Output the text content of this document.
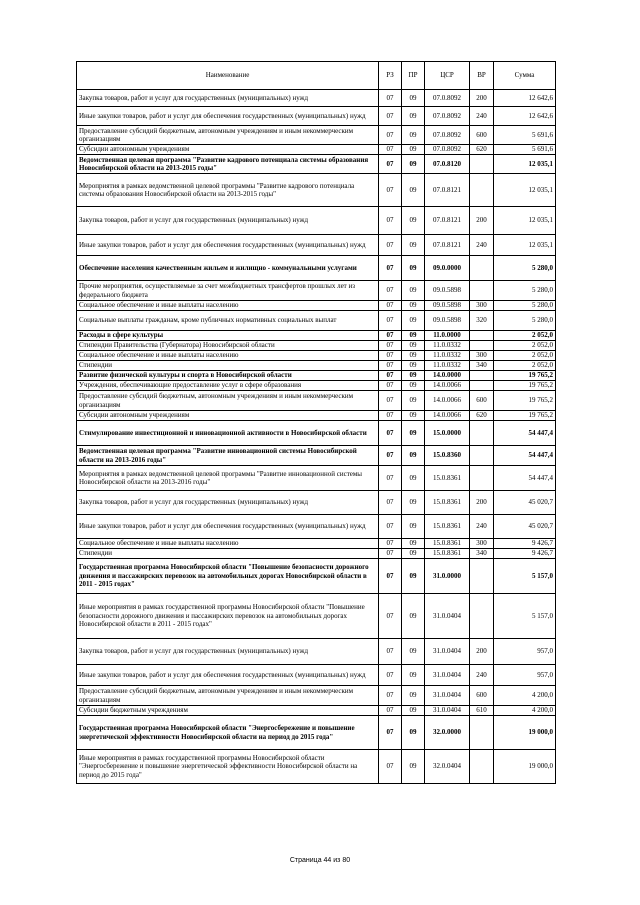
Наименование	РЗ	ПР	ЦСР	ВР	Сумма
Закупка товаров, работ и услуг для государственных (муниципальных) нужд	07	09	07.0.8092	200	12 642,6
Иные закупки товаров, работ и услуг для обеспечения государственных (муниципальных) нужд	07	09	07.0.8092	240	12 642,6
Предоставление субсидий бюджетным, автономным учреждениям и иным некоммерческим организациям	07	09	07.0.8092	600	5 691,6
Субсидии автономным учреждениям	07	09	07.0.8092	620	5 691,6
Ведомственная целевая программа "Развитие кадрового потенциала системы образования Новосибирской области на 2013-2015 годы"	07	09	07.0.8120		12 035,1
Мероприятия в рамках ведомственной целевой программы "Развитие кадрового потенциала системы образования Новосибирской области на 2013-2015 годы"	07	09	07.0.8121		12 035,1
Закупка товаров, работ и услуг для государственных (муниципальных) нужд	07	09	07.0.8121	200	12 035,1
Иные закупки товаров, работ и услуг для обеспечения государственных (муниципальных) нужд	07	09	07.0.8121	240	12 035,1
Обеспечение населения качественным жильем и жилищно - коммунальными услугами	07	09	09.0.0000		5 280,0
Прочие мероприятия, осуществляемые за счет межбюджетных трансфертов прошлых лет из федерального бюджета	07	09	09.0.5898		5 280,0
Социальное обеспечение и иные выплаты населению	07	09	09.0.5898	300	5 280,0
Социальные выплаты гражданам, кроме публичных нормативных социальных выплат	07	09	09.0.5898	320	5 280,0
Расходы в сфере культуры	07	09	11.0.0000		2 052,0
Стипендии Правительства (Губернатора) Новосибирской области	07	09	11.0.0332		2 052,0
Социальное обеспечение и иные выплаты населению	07	09	11.0.0332	300	2 052,0
Стипендии	07	09	11.0.0332	340	2 052,0
Развитие физической культуры и спорта в Новосибирской области	07	09	14.0.0000		19 765,2
Учреждения, обеспечивающие предоставление услуг в сфере образования	07	09	14.0.0066		19 765,2
Предоставление субсидий бюджетным, автономным учреждениям и иным некоммерческим организациям	07	09	14.0.0066	600	19 765,2
Субсидии автономным учреждениям	07	09	14.0.0066	620	19 765,2
Стимулирование инвестиционной и инновационной активности в Новосибирской области	07	09	15.0.0000		54 447,4
Ведомственная целевая программа "Развитие инновационной системы Новосибирской области на 2013-2016 годы"	07	09	15.0.8360		54 447,4
Мероприятия в рамках ведомственной целевой программы "Развитие инновационной системы Новосибирской области на 2013-2016 годы"	07	09	15.0.8361		54 447,4
Закупка товаров, работ и услуг для государственных (муниципальных) нужд	07	09	15.0.8361	200	45 020,7
Иные закупки товаров, работ и услуг для обеспечения государственных (муниципальных) нужд	07	09	15.0.8361	240	45 020,7
Социальное обеспечение и иные выплаты населению	07	09	15.0.8361	300	9 426,7
Стипендии	07	09	15.0.8361	340	9 426,7
Государственная программа Новосибирской области "Повышение безопасности дорожного движения и пассажирских перевозок на автомобильных дорогах Новосибирской области в 2011 - 2015 годах"	07	09	31.0.0000		5 157,0
Иные мероприятия в рамках государственной программы Новосибирской области "Повышение безопасности дорожного движения и пассажирских перевозок на автомобильных дорогах Новосибирской области в 2011 - 2015 годах"	07	09	31.0.0404		5 157,0
Закупка товаров, работ и услуг для государственных (муниципальных) нужд	07	09	31.0.0404	200	957,0
Иные закупки товаров, работ и услуг для обеспечения государственных (муниципальных) нужд	07	09	31.0.0404	240	957,0
Предоставление субсидий бюджетным, автономным учреждениям и иным некоммерческим организациям	07	09	31.0.0404	600	4 200,0
Субсидии бюджетным учреждениям	07	09	31.0.0404	610	4 200,0
Государственная программа Новосибирской области "Энергосбережение и повышение энергетической эффективности Новосибирской области на период до 2015 года"	07	09	32.0.0000		19 000,0
Иные мероприятия в рамках государственной программы Новосибирской области "Энергосбережение и повышение энергетической эффективности Новосибирской области на период до 2015 года"	07	09	32.0.0404		19 000,0
Страница 44 из 80
